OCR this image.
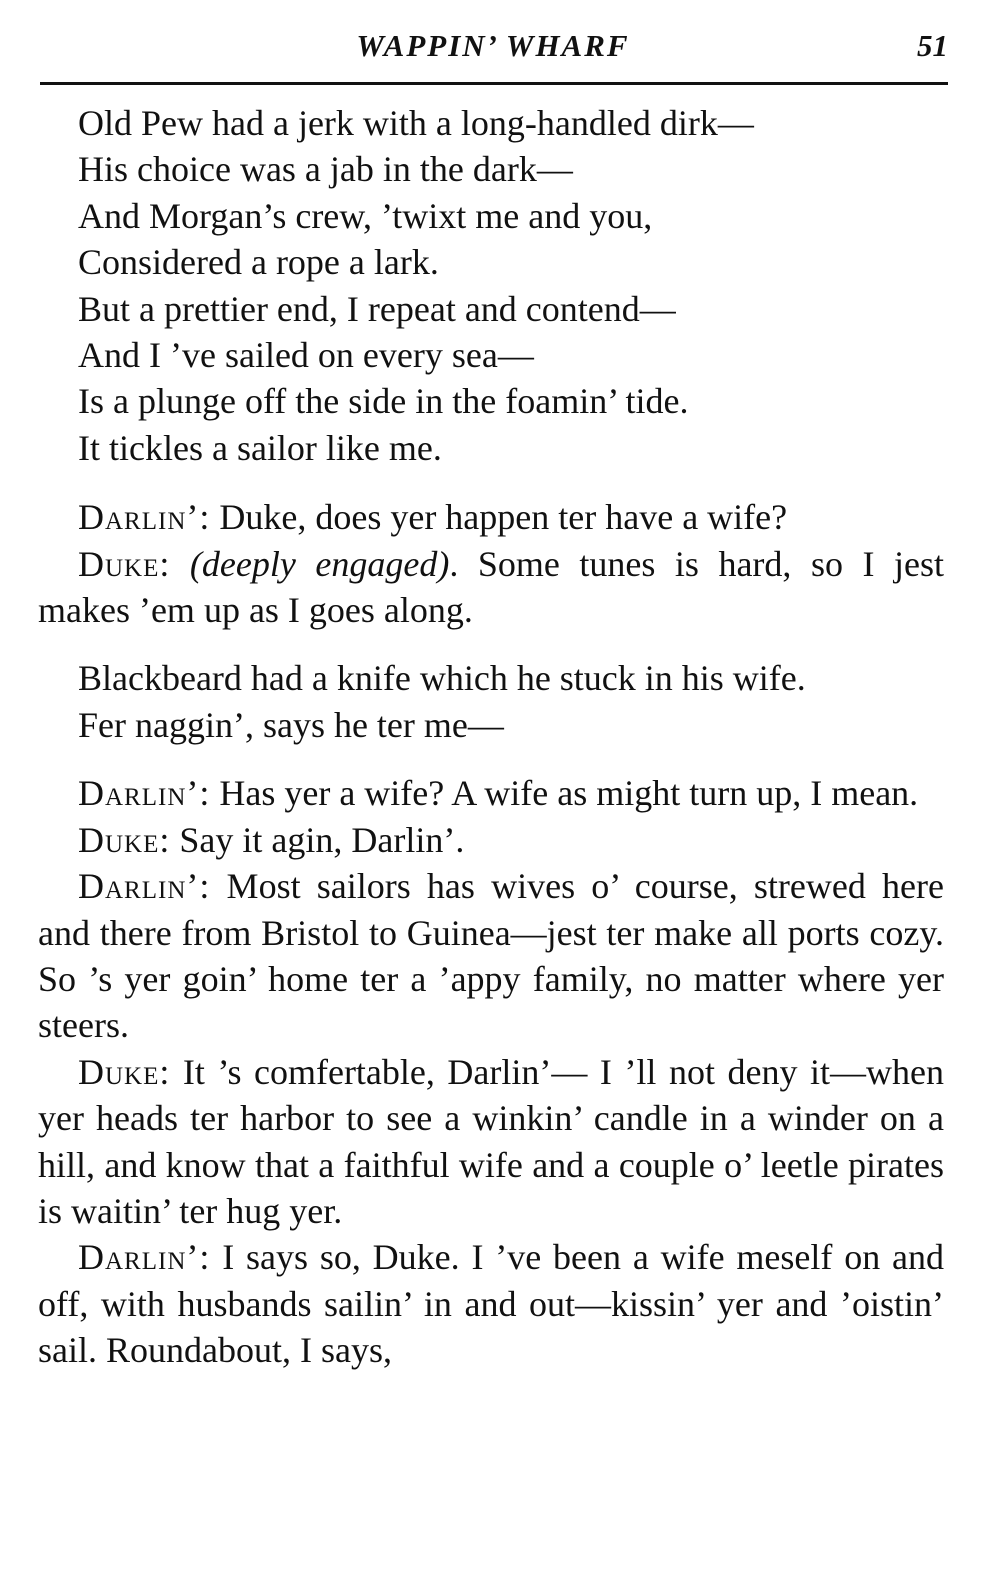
WAPPIN’ WHARF	51
Old Pew had a jerk with a long-handled dirk—
His choice was a jab in the dark—
And Morgan’s crew, ’twixt me and you,
Considered a rope a lark.
But a prettier end, I repeat and contend—
And I ’ve sailed on every sea—
Is a plunge off the side in the foamin’ tide.
It tickles a sailor like me.

Darlin’: Duke, does yer happen ter have a wife?

Duke: (deeply engaged). Some tunes is hard, so I jest makes ’em up as I goes along.

Blackbeard had a knife which he stuck in his wife.
Fer naggin’, says he ter me—

Darlin’: Has yer a wife? A wife as might turn up, I mean.

Duke: Say it agin, Darlin’.

Darlin’: Most sailors has wives o’ course, strewed here and there from Bristol to Guinea—jest ter make all ports cozy. So ’s yer goin’ home ter a ’appy family, no matter where yer steers.

Duke: It ’s comfertable, Darlin’— I ’ll not deny it—when yer heads ter harbor to see a winkin’ candle in a winder on a hill, and know that a faithful wife and a couple o’ leetle pirates is waitin’ ter hug yer.

Darlin’: I says so, Duke. I ’ve been a wife meself on and off, with husbands sailin’ in and out—kissin’ yer and ’oistin’ sail. Roundabout, I says,
